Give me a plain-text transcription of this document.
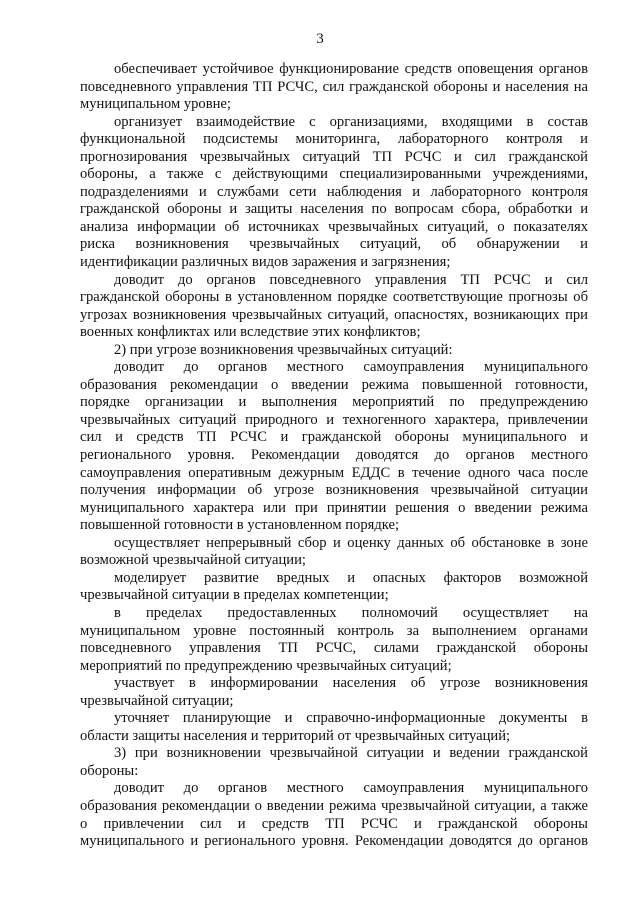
3
обеспечивает устойчивое функционирование средств оповещения органов
повседневного управления ТП РСЧС, сил гражданской обороны и населения на
муниципальном уровне;
организует взаимодействие с организациями, входящими в состав
функциональной подсистемы мониторинга, лабораторного контроля и
прогнозирования чрезвычайных ситуаций ТП РСЧС и сил гражданской
обороны, а также с действующими специализированными учреждениями,
подразделениями и службами сети наблюдения и лабораторного контроля
гражданской обороны и защиты населения по вопросам сбора, обработки и
анализа информации об источниках чрезвычайных ситуаций, о показателях
риска возникновения чрезвычайных ситуаций, об обнаружении и
идентификации различных видов заражения и загрязнения;
доводит до органов повседневного управления ТП РСЧС и сил
гражданской обороны в установленном порядке соответствующие прогнозы об
угрозах возникновения чрезвычайных ситуаций, опасностях, возникающих при
военных конфликтах или вследствие этих конфликтов;
2) при угрозе возникновения чрезвычайных ситуаций:
доводит до органов местного самоуправления муниципального
образования рекомендации о введении режима повышенной готовности,
порядке организации и выполнения мероприятий по предупреждению
чрезвычайных ситуаций природного и техногенного характера, привлечении
сил и средств ТП РСЧС и гражданской обороны муниципального и
регионального уровня. Рекомендации доводятся до органов местного
самоуправления оперативным дежурным ЕДДС в течение одного часа после
получения информации об угрозе возникновения чрезвычайной ситуации
муниципального характера или при принятии решения о введении режима
повышенной готовности в установленном порядке;
осуществляет непрерывный сбор и оценку данных об обстановке в зоне
возможной чрезвычайной ситуации;
моделирует развитие вредных и опасных факторов возможной
чрезвычайной ситуации в пределах компетенции;
в пределах предоставленных полномочий осуществляет на
муниципальном уровне постоянный контроль за выполнением органами
повседневного управления ТП РСЧС, силами гражданской обороны
мероприятий по предупреждению чрезвычайных ситуаций;
участвует в информировании населения об угрозе возникновения
чрезвычайной ситуации;
уточняет планирующие и справочно-информационные документы в
области защиты населения и территорий от чрезвычайных ситуаций;
3) при возникновении чрезвычайной ситуации и ведении гражданской
обороны:
доводит до органов местного самоуправления муниципального
образования рекомендации о введении режима чрезвычайной ситуации, а также
о привлечении сил и средств ТП РСЧС и гражданской обороны
муниципального и регионального уровня. Рекомендации доводятся до органов
